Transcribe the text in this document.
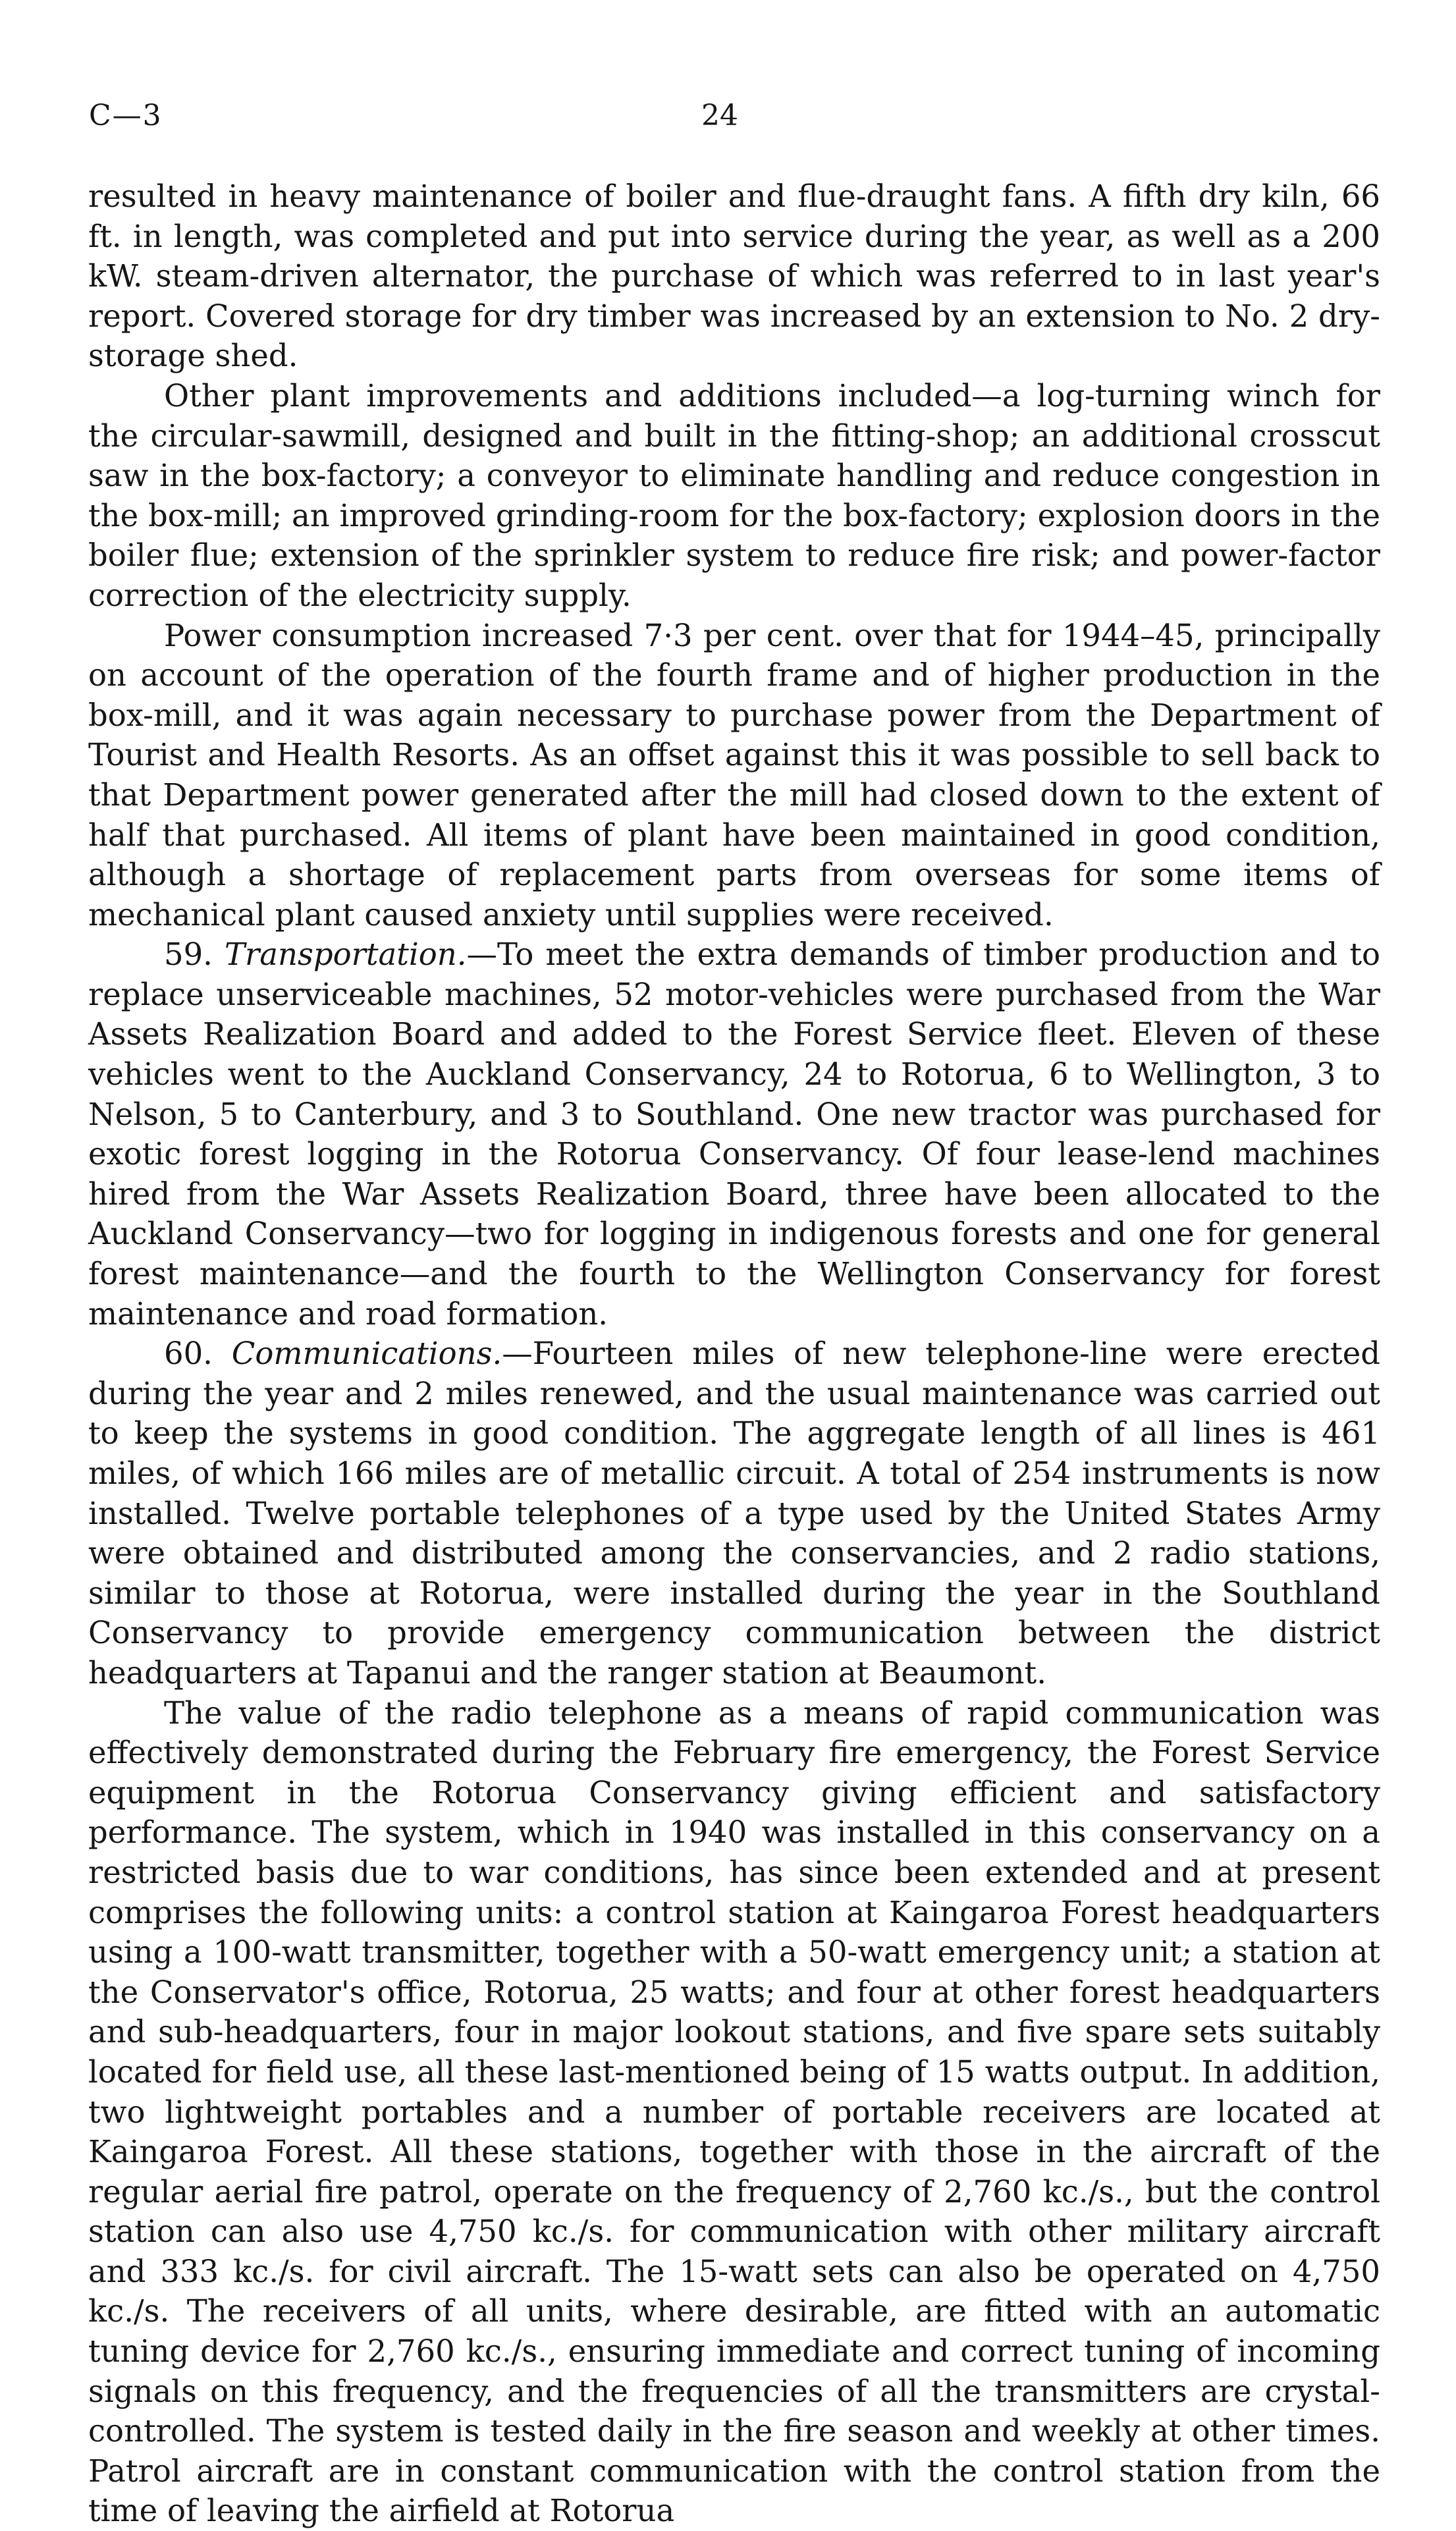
C—3	24

resulted in heavy maintenance of boiler and flue-draught fans. A fifth dry kiln, 66 ft. in length, was completed and put into service during the year, as well as a 200 kW. steam-driven alternator, the purchase of which was referred to in last year's report. Covered storage for dry timber was increased by an extension to No. 2 dry-storage shed.

Other plant improvements and additions included—a log-turning winch for the circular-sawmill, designed and built in the fitting-shop; an additional crosscut saw in the box-factory; a conveyor to eliminate handling and reduce congestion in the box-mill; an improved grinding-room for the box-factory; explosion doors in the boiler flue; extension of the sprinkler system to reduce fire risk; and power-factor correction of the electricity supply.

Power consumption increased 7·3 per cent. over that for 1944–45, principally on account of the operation of the fourth frame and of higher production in the box-mill, and it was again necessary to purchase power from the Department of Tourist and Health Resorts. As an offset against this it was possible to sell back to that Department power generated after the mill had closed down to the extent of half that purchased. All items of plant have been maintained in good condition, although a shortage of replacement parts from overseas for some items of mechanical plant caused anxiety until supplies were received.

59. Transportation.—To meet the extra demands of timber production and to replace unserviceable machines, 52 motor-vehicles were purchased from the War Assets Realization Board and added to the Forest Service fleet. Eleven of these vehicles went to the Auckland Conservancy, 24 to Rotorua, 6 to Wellington, 3 to Nelson, 5 to Canterbury, and 3 to Southland. One new tractor was purchased for exotic forest logging in the Rotorua Conservancy. Of four lease-lend machines hired from the War Assets Realization Board, three have been allocated to the Auckland Conservancy—two for logging in indigenous forests and one for general forest maintenance—and the fourth to the Wellington Conservancy for forest maintenance and road formation.

60. Communications.—Fourteen miles of new telephone-line were erected during the year and 2 miles renewed, and the usual maintenance was carried out to keep the systems in good condition. The aggregate length of all lines is 461 miles, of which 166 miles are of metallic circuit. A total of 254 instruments is now installed. Twelve portable telephones of a type used by the United States Army were obtained and distributed among the conservancies, and 2 radio stations, similar to those at Rotorua, were installed during the year in the Southland Conservancy to provide emergency communication between the district headquarters at Tapanui and the ranger station at Beaumont.

The value of the radio telephone as a means of rapid communication was effectively demonstrated during the February fire emergency, the Forest Service equipment in the Rotorua Conservancy giving efficient and satisfactory performance. The system, which in 1940 was installed in this conservancy on a restricted basis due to war conditions, has since been extended and at present comprises the following units: a control station at Kaingaroa Forest headquarters using a 100-watt transmitter, together with a 50-watt emergency unit; a station at the Conservator's office, Rotorua, 25 watts; and four at other forest headquarters and sub-headquarters, four in major lookout stations, and five spare sets suitably located for field use, all these last-mentioned being of 15 watts output. In addition, two lightweight portables and a number of portable receivers are located at Kaingaroa Forest. All these stations, together with those in the aircraft of the regular aerial fire patrol, operate on the frequency of 2,760 kc./s., but the control station can also use 4,750 kc./s. for communication with other military aircraft and 333 kc./s. for civil aircraft. The 15-watt sets can also be operated on 4,750 kc./s. The receivers of all units, where desirable, are fitted with an automatic tuning device for 2,760 kc./s., ensuring immediate and correct tuning of incoming signals on this frequency, and the frequencies of all the transmitters are crystal-controlled. The system is tested daily in the fire season and weekly at other times. Patrol aircraft are in constant communication with the control station from the time of leaving the airfield at Rotorua
